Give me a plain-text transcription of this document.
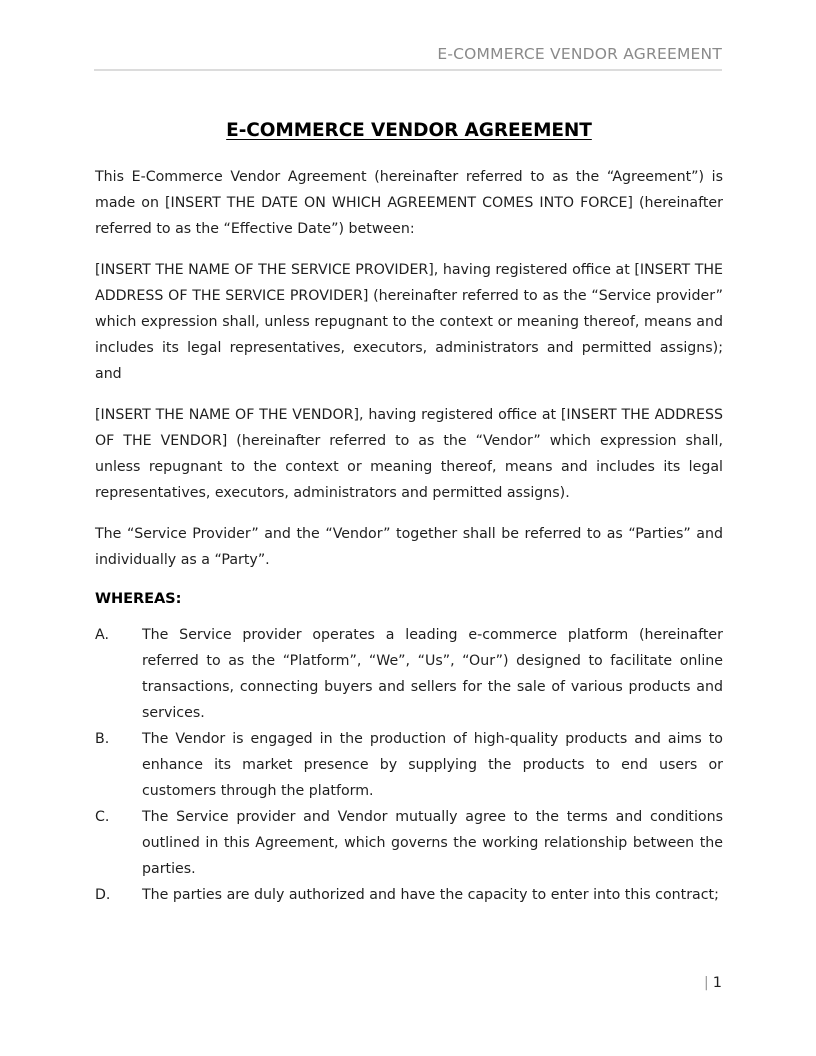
E-COMMERCE VENDOR AGREEMENT
E-COMMERCE VENDOR AGREEMENT

This E-Commerce Vendor Agreement (hereinafter referred to as the “Agreement”) is made on [INSERT THE DATE ON WHICH AGREEMENT COMES INTO FORCE] (hereinafter referred to as the “Effective Date”) between:

[INSERT THE NAME OF THE SERVICE PROVIDER], having registered office at [INSERT THE ADDRESS OF THE SERVICE PROVIDER] (hereinafter referred to as the “Service provider” which expression shall, unless repugnant to the context or meaning thereof, means and includes its legal representatives, executors, administrators and permitted assigns); and

[INSERT THE NAME OF THE VENDOR], having registered office at [INSERT THE ADDRESS OF THE VENDOR] (hereinafter referred to as the “Vendor” which expression shall, unless repugnant to the context or meaning thereof, means and includes its legal representatives, executors, administrators and permitted assigns).

The “Service Provider” and the “Vendor” together shall be referred to as “Parties” and individually as a “Party”.

WHEREAS:
A.	The Service provider operates a leading e-commerce platform (hereinafter referred to as the “Platform”, “We”, “Us”, “Our”) designed to facilitate online transactions, connecting buyers and sellers for the sale of various products and services.
B.	The Vendor is engaged in the production of high-quality products and aims to enhance its market presence by supplying the products to end users or customers through the platform.
C.	The Service provider and Vendor mutually agree to the terms and conditions outlined in this Agreement, which governs the working relationship between the parties.
D.	The parties are duly authorized and have the capacity to enter into this contract;
| 1
